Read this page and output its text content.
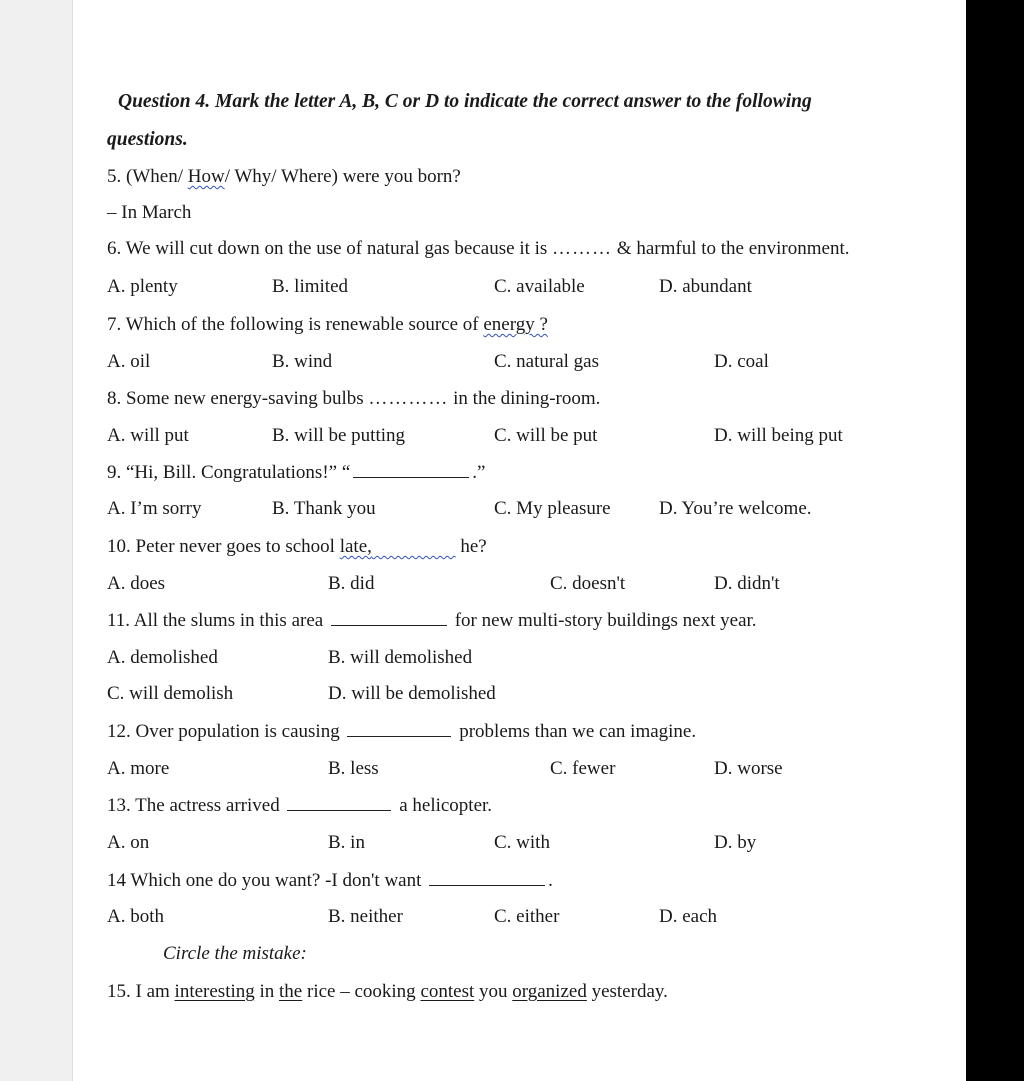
Question 4. Mark the letter A, B, C or D to indicate the correct answer to the following
questions.
5. (When/ How/ Why/ Where) were you born?
– In March
6. We will cut down on the use of natural gas because it is ……… & harmful to the environment.
A. plenty	B. limited	C. available	D. abundant
7. Which of the following is renewable source of energy ?
A. oil	B. wind	C. natural gas	D. coal
8. Some new energy-saving bulbs ………… in the dining-room.
A. will put	B. will be putting	C. will be put	D. will being put
9. “Hi, Bill. Congratulations!” “	.”
A. I’m sorry	B. Thank you	C. My pleasure	D. You’re welcome.
10. Peter never goes to school late,                      	he?
A. does	B. did	C. doesn't	D. didn't
11. All the slums in this area	for new multi-story buildings next year.
A. demolished	B. will demolished
C. will demolish	D. will be demolished
12. Over population is causing	problems than we can imagine.
A. more	B. less	C. fewer	D. worse
13. The actress arrived	a helicopter.
A. on	B. in	C. with	D. by
14 Which one do you want? -I don't want	.
A. both	B. neither	C. either	D. each
Circle the mistake:
15. I am interesting in the rice – cooking contest you organized yesterday.
